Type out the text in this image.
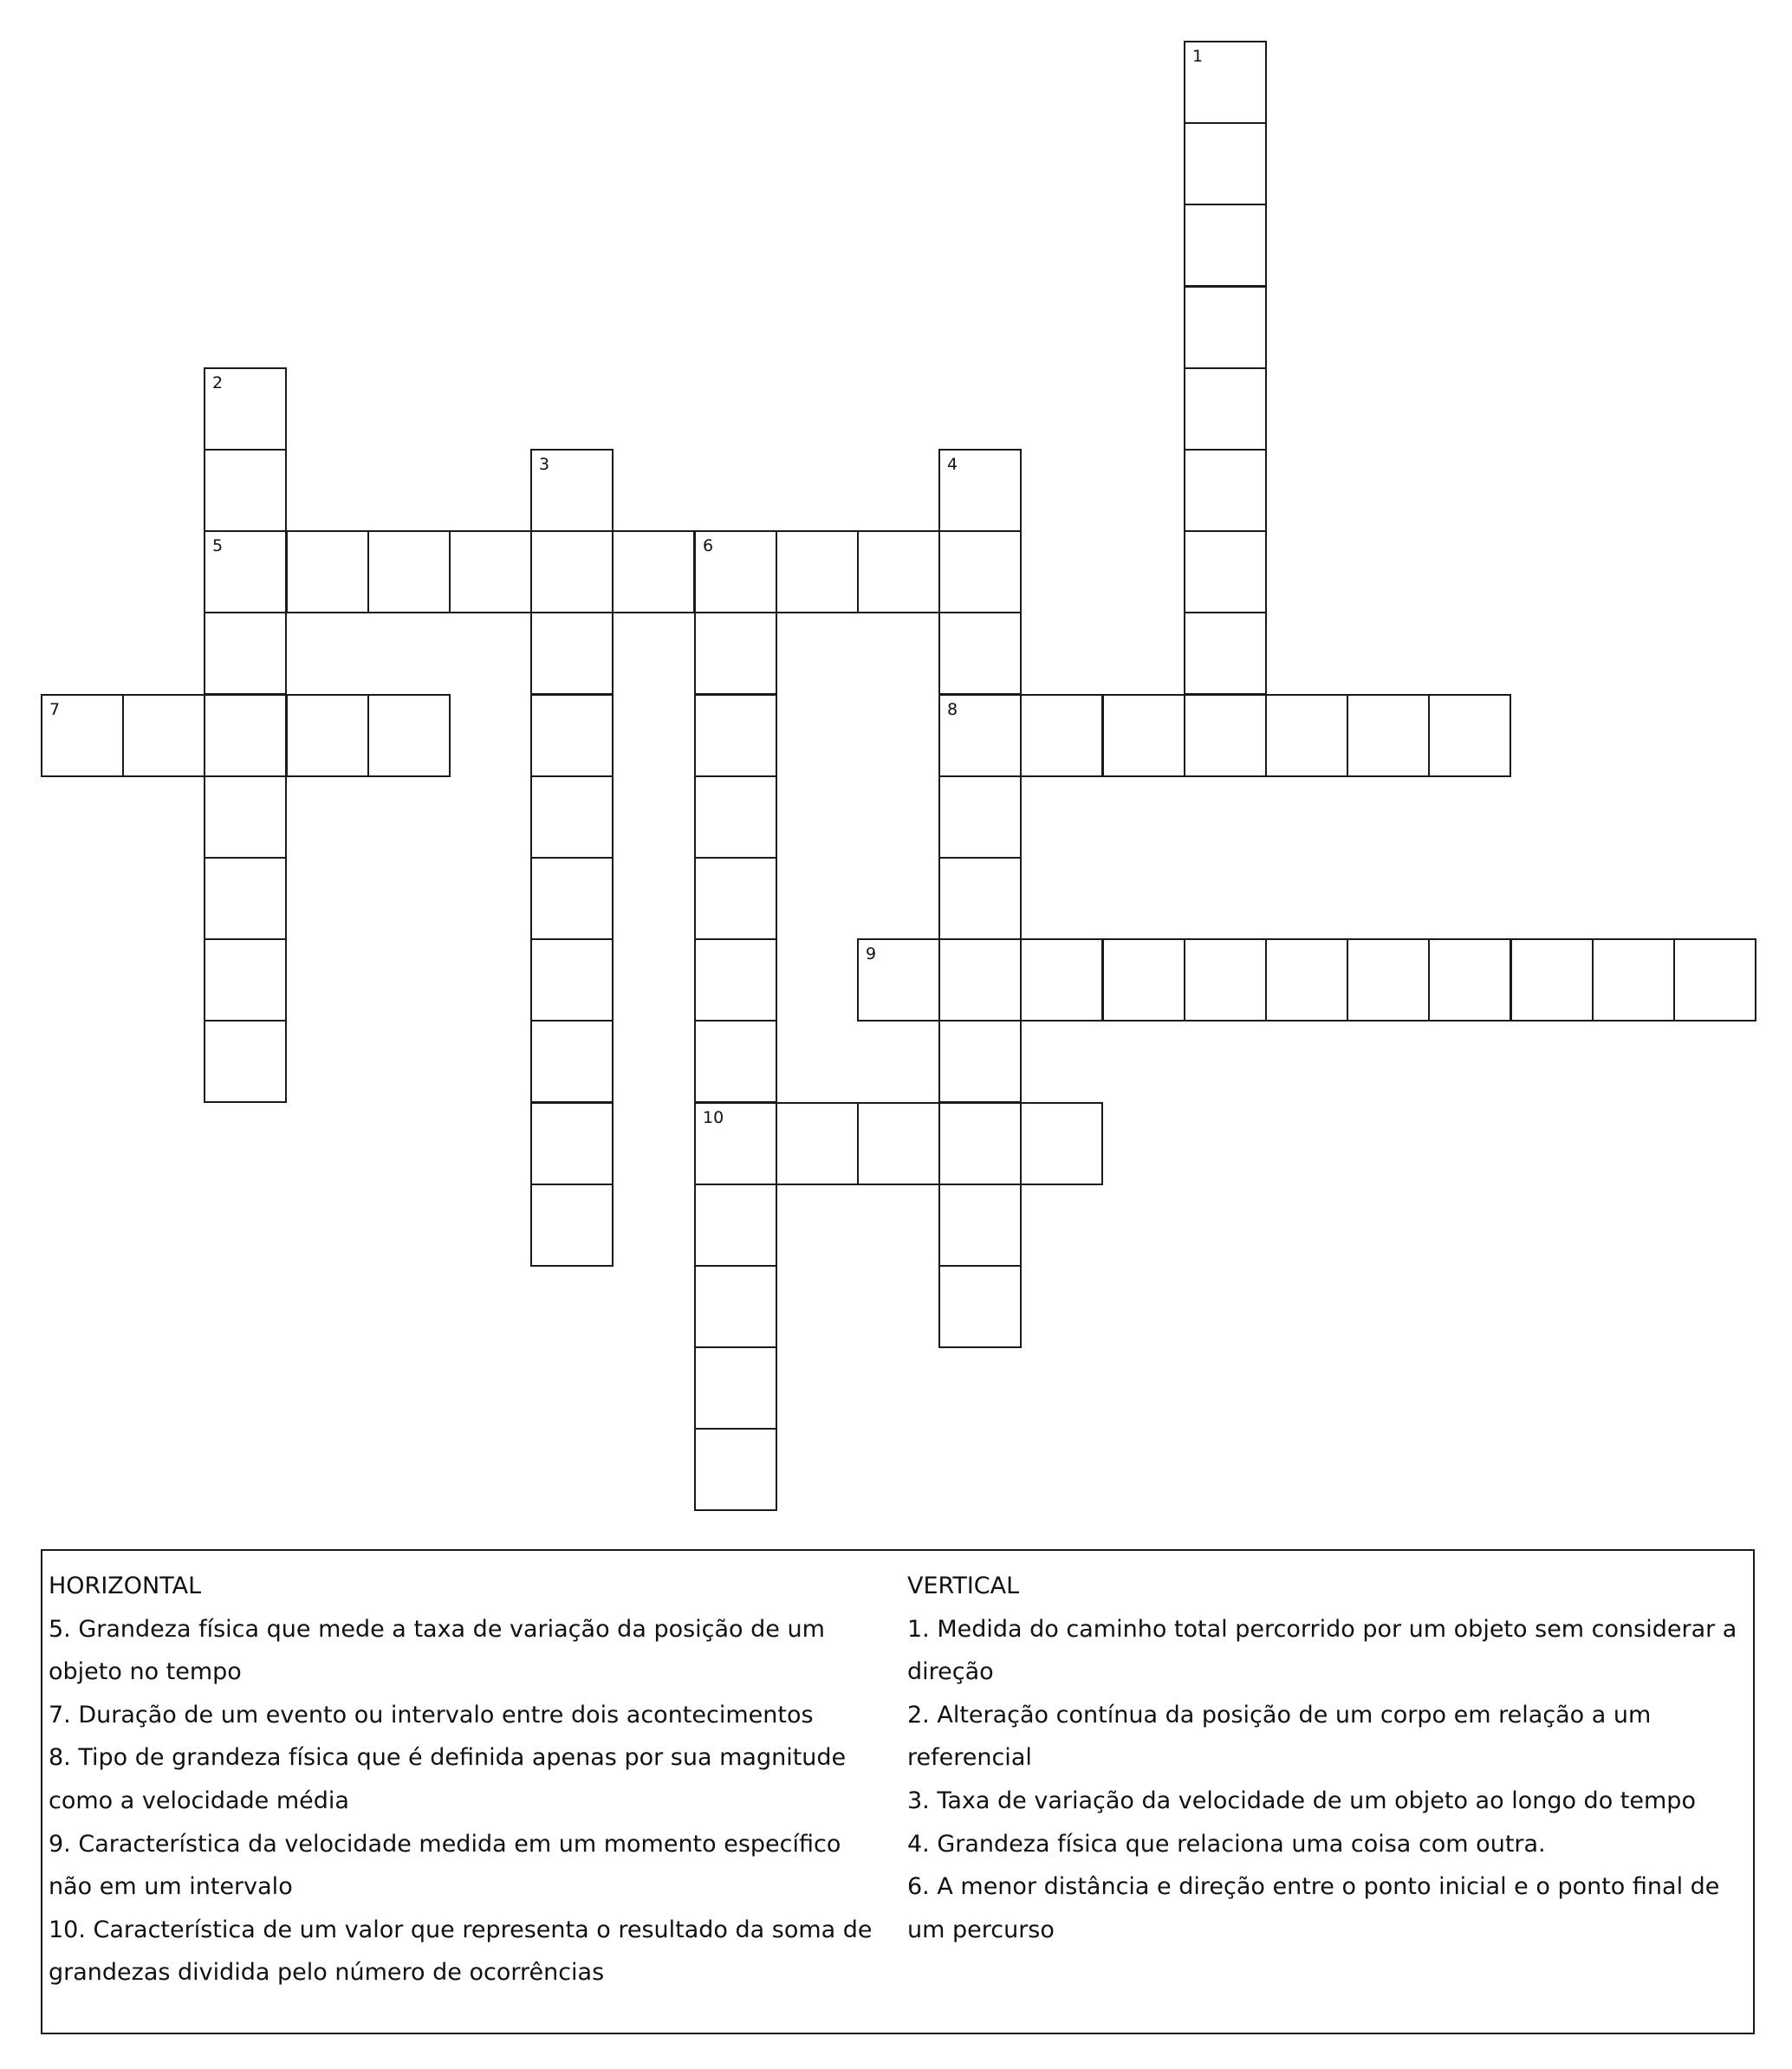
5	6
7	8
9
10
1
2
3	4
HORIZONTAL

5. Grandeza física que mede a taxa de variação da posição de um objeto no tempo

7. Duração de um evento ou intervalo entre dois acontecimentos

8. Tipo de grandeza física que é definida apenas por sua magnitude como a velocidade média

9. Característica da velocidade medida em um momento específico não em um intervalo

10. Característica de um valor que representa o resultado da soma de grandezas dividida pelo número de ocorrências

VERTICAL

1. Medida do caminho total percorrido por um objeto sem considerar a direção

2. Alteração contínua da posição de um corpo em relação a um referencial

3. Taxa de variação da velocidade de um objeto ao longo do tempo

4. Grandeza física que relaciona uma coisa com outra.

6. A menor distância e direção entre o ponto inicial e o ponto final de um percurso
